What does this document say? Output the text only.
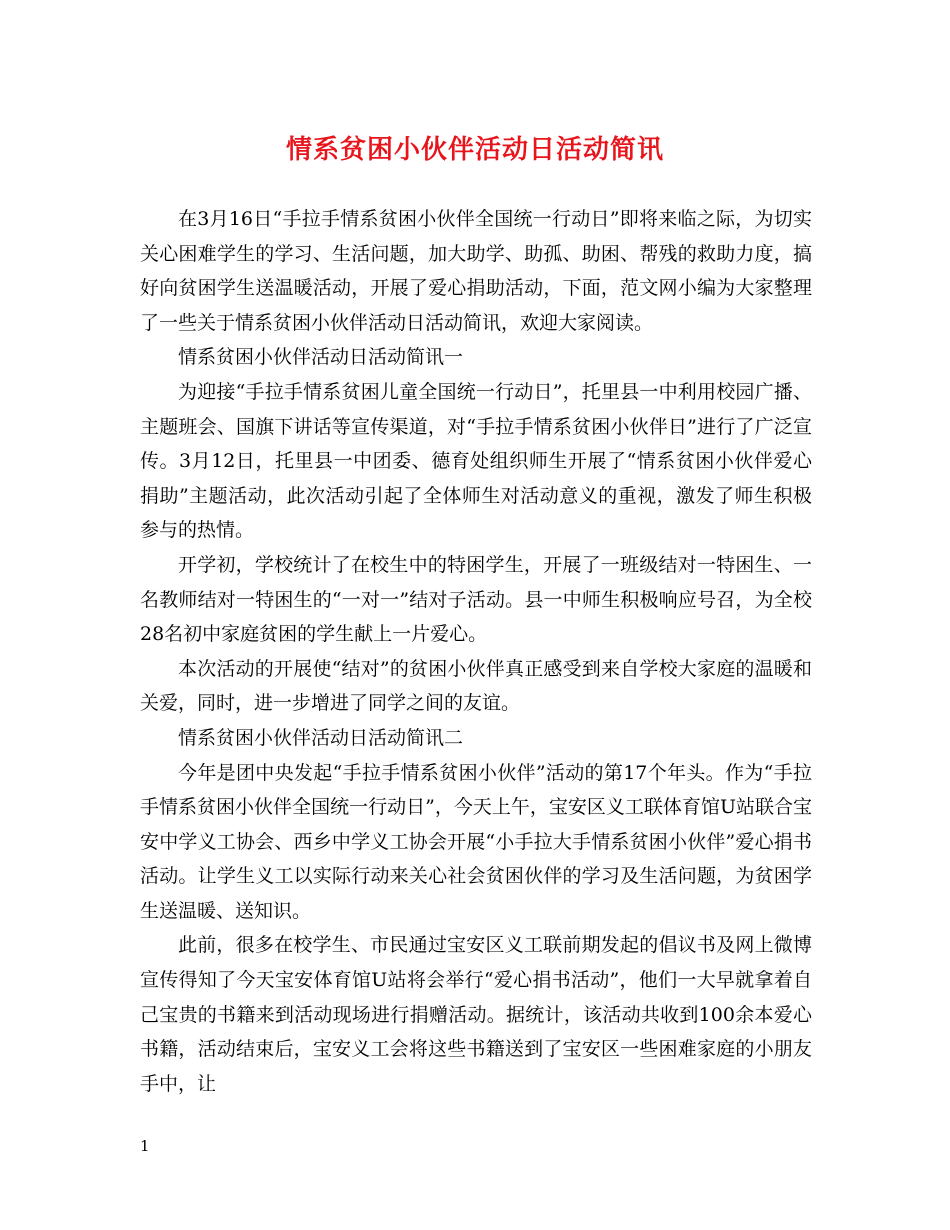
情系贫困小伙伴活动日活动简讯

在3月16日“手拉手情系贫困小伙伴全国统一行动日”即将来临之际，为切实关心困难学生的学习、生活问题，加大助学、助孤、助困、帮残的救助力度，搞好向贫困学生送温暖活动，开展了爱心捐助活动，下面，范文网小编为大家整理了一些关于情系贫困小伙伴活动日活动简讯，欢迎大家阅读。

情系贫困小伙伴活动日活动简讯一

为迎接“手拉手情系贫困儿童全国统一行动日”，托里县一中利用校园广播、主题班会、国旗下讲话等宣传渠道，对“手拉手情系贫困小伙伴日”进行了广泛宣传。3月12日，托里县一中团委、德育处组织师生开展了“情系贫困小伙伴爱心捐助”主题活动，此次活动引起了全体师生对活动意义的重视，激发了师生积极参与的热情。

开学初，学校统计了在校生中的特困学生，开展了一班级结对一特困生、一名教师结对一特困生的“一对一”结对子活动。县一中师生积极响应号召，为全校28名初中家庭贫困的学生献上一片爱心。

本次活动的开展使“结对”的贫困小伙伴真正感受到来自学校大家庭的温暖和关爱，同时，进一步增进了同学之间的友谊。

情系贫困小伙伴活动日活动简讯二

今年是团中央发起“手拉手情系贫困小伙伴”活动的第17个年头。作为“手拉手情系贫困小伙伴全国统一行动日”，今天上午，宝安区义工联体育馆U站联合宝安中学义工协会、西乡中学义工协会开展“小手拉大手情系贫困小伙伴”爱心捐书活动。让学生义工以实际行动来关心社会贫困伙伴的学习及生活问题，为贫困学生送温暖、送知识。

此前，很多在校学生、市民通过宝安区义工联前期发起的倡议书及网上微博宣传得知了今天宝安体育馆U站将会举行“爱心捐书活动”，他们一大早就拿着自己宝贵的书籍来到活动现场进行捐赠活动。据统计，该活动共收到100余本爱心书籍，活动结束后，宝安义工会将这些书籍送到了宝安区一些困难家庭的小朋友手中，让

1
